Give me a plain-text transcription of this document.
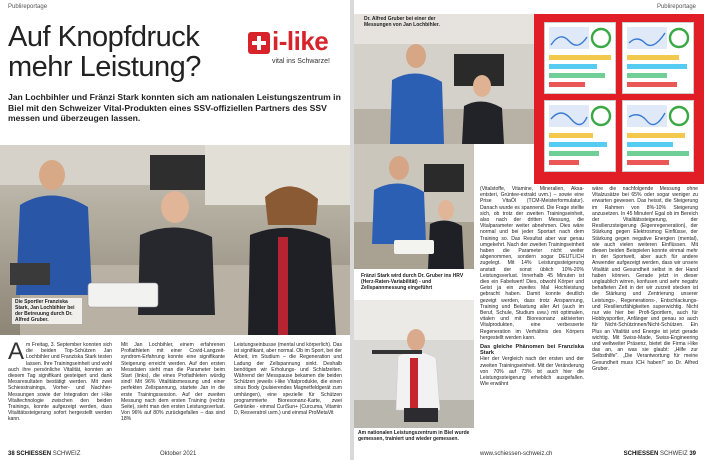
Publireportage
Auf Knopfdruck mehr Leistung?
i-like
vital ins Schwarze!

Jan Lochbihler und Fränzi Stark konnten sich am nationalen Leistungszentrum in Biel mit den Schweizer Vital-Produkten eines SSV-offiziellen Partners des SSV messen und überzeugen lassen.

Die Sportler Franziska Stark, Jan Lochbihler bei der Betreuung durch Dr. Alfred Gruber.
Am Freitag, 3. September konnten sich die beiden Top-Schützen Jan Lochbihler und Franziska Stark testen lassen. Ihre Trainingseinheit und wohl auch ihre persönliche Vitalität, konnten an diesem Tag signifikant gesteigert und dank Messresultaten bestätigt werden. Mit zwei Schiesstrainings, Vorher- und Nachher-Messungen sowie der Integration der i-like Vitaltechnologie zwischen den beiden Trainings, konnte aufgezeigt werden, dass Vitalitätssteigerung sofort hergestellt werden kann.
Mit Jan Lochbihler, einem erfahrenen Profiathleten mit einer Covid-Langzeit-syndrom-Erfahrung konnte eine signifikante Steigerung erreicht werden. Auf den ersten Messdaten sieht man die Parameter beim Start (links), die eines Profiathleten würdig sind! Mit 96% Vitalitätsmessung und einer perfekten Zellspannung, startete Jan in die erste Trainingssession. Auf der zweiten Messung nach dem ersten Training (rechts Seite), sieht man den ersten Leistungsverlust. Von 96% auf 80% zurückgefallen – das sind 18%
Leistungseinbusse (mental und körperlich). Das ist signifikant, aber normal. Ob im Sport, bei der Arbeit, im Studium – die Regeneration und Ladung der Zellspannung sinkt. Deshalb benötigen wir Erholungs- und Schlafzeiten. Während der Messpause bekamen die beiden Schützen jeweils i-like Vitalprodukte, die einen sinus Body (pulsierendes Magnetfeldgerät zum umhängen), eine spezielle für Schützen programmierte Bioresonanz-Karte, zwei Getränke - einmal CuriSun+ (Curcuma, Vitamin D, Resveratrol uvm.) und einmal ProMetaVit
38 SCHIESSEN SCHWEIZ	Oktober 2021
Publireportage
Dr. Alfred Gruber bei einer der Messungen von Jan Lochbihler.
Fränzi Stark wird durch Dr. Gruber ins HRV (Herz-Raten-Variabilität) - und Zellspannmessung eingeführt
Am nationalen Leistungszentrum in Biel wurde gemessen, trainiert und wieder gemessen.
(Vitalstoffe, Vitamine, Mineralien, Aksa-entsteri, Grüntee-extrakt uvm.) – sowie eine Prise VitaÖl (TCM-Meisterformulatur). Danach wurde es spannend. Die Frage stellte sich, ob trotz der zweiten Trainingseinheit, also nach der dritten Messung, die Vitalparameter weiter abnehmen. Dies wäre normal und bei jeder Sportart nach dem Training so. Das Resultat aber war genau umgekehrt. Nach der zweiten Trainingseinheit haben die Parameter nicht weiter abgenommen, sondern sogar DEUTLICH zugelegt. Mit 14% Leistungssteigerung anstatt der sonst üblich 10%-20% Leistungsverlust. Innerhalb 45 Minuten ist dies ein Fabelwert! Dies, obwohl Körper und Geist ja ein zweites Mal Hochleistung gebracht haben. Damit konnte deutlich gezeigt werden, dass trotz Anspannung, Training und Belastung aller Art (auch im Beruf, Schule, Studium uvw.) mit optimalen, vitalen und mit Bioresonanz aktivierten Vitalprodukten, eine verbesserte Regeneration im Verhältnis des Körpers hergestellt werden kann.
Das gleiche Phänomen bei Franziska Stark
Hier der Vergleich nach der ersten und der zweiten Trainingseinheit. Mit der Veränderung von 70% auf 73% ist auch hier die Leistungssteigerung erheblich ausgefallen. Wie erwähnt
wäre die nachfolgende Messung ohne Vitalzusätze bei 65% oder sogar weniger zu erwarten gewesen. Das heisst, die Steigerung im Rahmen von 8%-10% Steigerung anzusetzen. In 45 Minuten! Egal ob im Bereich der Vitalitätssteigerung, der Resilienzsteigerung (Eigenregeneration), der Stärkung gegen Elektrosmog Einflüsse, der Stärkung gegen negative Energien (mental), wie auch vielen weiteren Einflüssen. Mit diesen beiden Beispielen konnte einmal mehr in der Sportwelt, aber auch für andere Anwender aufgezeigt werden, dass wir unsere Vitalität und Gesundheit selbst in der Hand haben können. Gerade jetzt in dieser unglaublich wirren, konfusen und sehr negativ behafteten Zeit in der wir zurzeit stecken ist die Stärkung und Zentrierung unserer Leistungs-, Regenerations-, Entschlackungs- und Resilienzfähigkeiten superwichtig. Nicht nur wie hier bei Profi-Sportlern, auch für Hobbysportler, Anfänger und genau so auch für Nicht-Schützinnen/Nicht-Schützen. Ein Plus an Vitalität und Energie ist jetzt gerade wichtig. Mit Swiss-Made, Swiss-Engineering und weltweiter Präsenz, bietet die Firma i-like das an, an was sie glaubt: „Hilfe zur Selbsthilfe". „Die Verantwortung für meine Gesundheit muss ICH haben!" so Dr. Alfred Gruber.
www.schiessen-schweiz.ch	SCHIESSEN SCHWEIZ 39
